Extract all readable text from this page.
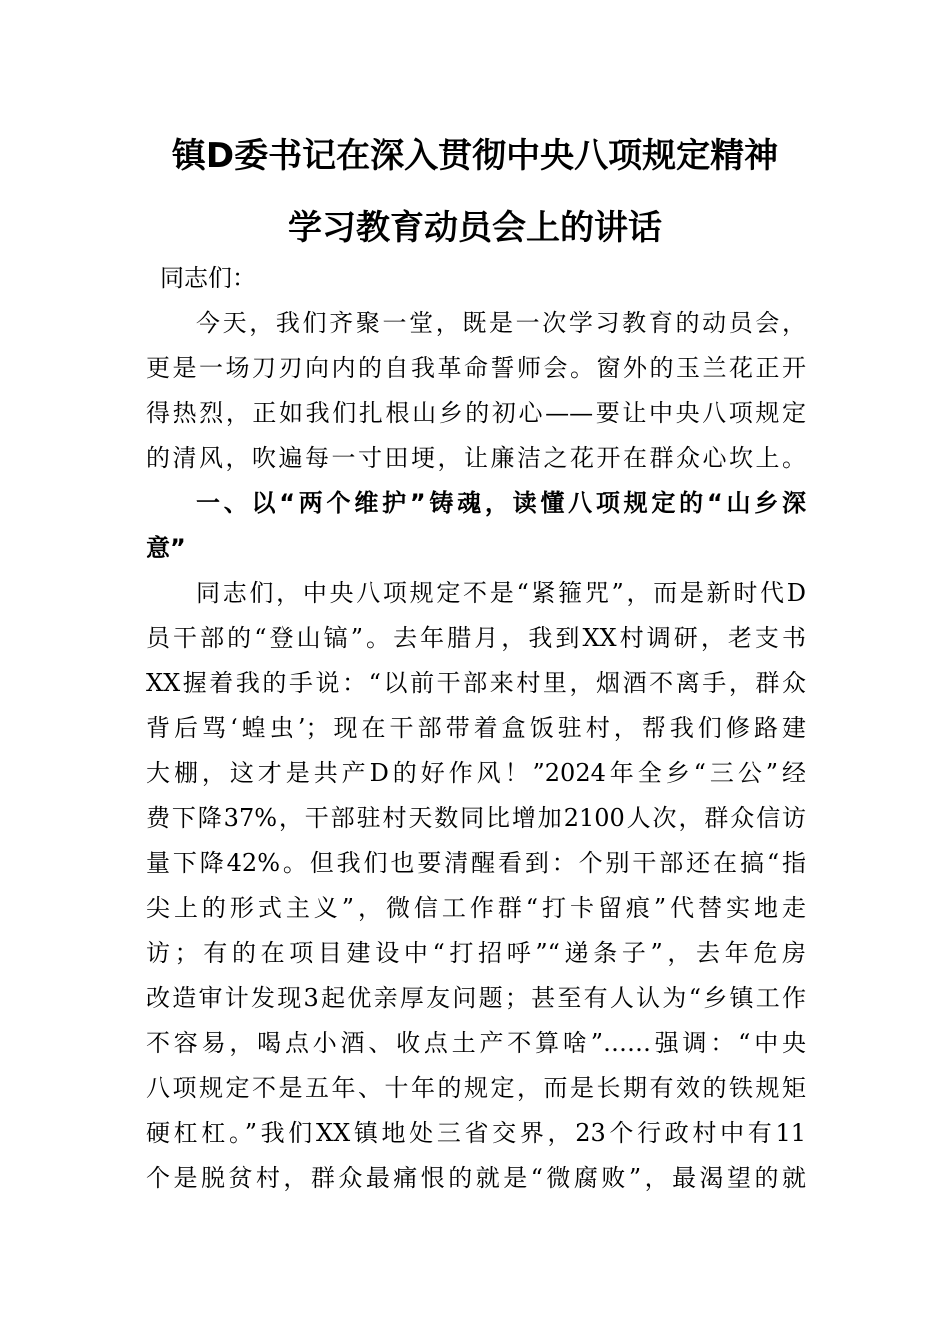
镇D委书记在深入贯彻中央八项规定精神
学习教育动员会上的讲话
同志们：
今天，我们齐聚一堂，既是一次学习教育的动员会，
更是一场刀刃向内的自我革命誓师会。窗外的玉兰花正开
得热烈，正如我们扎根山乡的初心——要让中央八项规定
的清风，吹遍每一寸田埂，让廉洁之花开在群众心坎上。
一、以“两个维护”铸魂，读懂八项规定的“山乡深
意”
同志们，中央八项规定不是“紧箍咒”，而是新时代D
员干部的“登山镐”。去年腊月，我到XX村调研，老支书
XX握着我的手说：“以前干部来村里，烟酒不离手，群众
背后骂‘蝗虫’；现在干部带着盒饭驻村，帮我们修路建
大棚，这才是共产D的好作风！”2024年全乡“三公”经
费下降37%，干部驻村天数同比增加2100人次，群众信访
量下降42%。但我们也要清醒看到：个别干部还在搞“指
尖上的形式主义”，微信工作群“打卡留痕”代替实地走
访；有的在项目建设中“打招呼”“递条子”，去年危房
改造审计发现3起优亲厚友问题；甚至有人认为“乡镇工作
不容易，喝点小酒、收点土产不算啥”……强调：“中央
八项规定不是五年、十年的规定，而是长期有效的铁规矩
硬杠杠。”我们XX镇地处三省交界，23个行政村中有11
个是脱贫村，群众最痛恨的就是“微腐败”，最渴望的就
